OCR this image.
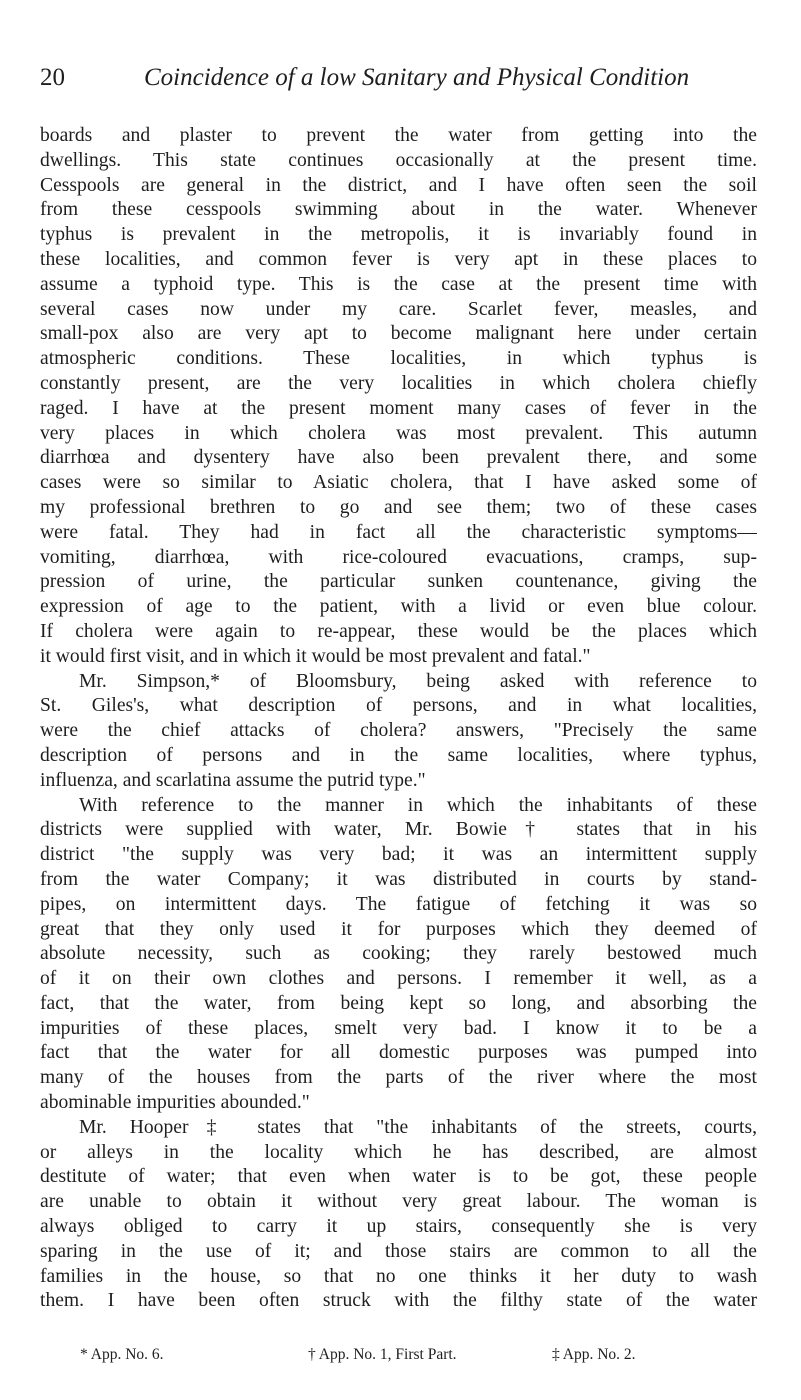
20	Coincidence of a low Sanitary and Physical Condition
boards and plaster to prevent the water from getting into the
dwellings. This state continues occasionally at the present time.
Cesspools are general in the district, and I have often seen the soil
from these cesspools swimming about in the water. Whenever
typhus is prevalent in the metropolis, it is invariably found in
these localities, and common fever is very apt in these places to
assume a typhoid type. This is the case at the present time with
several cases now under my care. Scarlet fever, measles, and
small-pox also are very apt to become malignant here under certain
atmospheric conditions. These localities, in which typhus is
constantly present, are the very localities in which cholera chiefly
raged. I have at the present moment many cases of fever in the
very places in which cholera was most prevalent. This autumn
diarrhœa and dysentery have also been prevalent there, and some
cases were so similar to Asiatic cholera, that I have asked some of
my professional brethren to go and see them; two of these cases
were fatal. They had in fact all the characteristic symptoms—
vomiting, diarrhœa, with rice-coloured evacuations, cramps, sup-
pression of urine, the particular sunken countenance, giving the
expression of age to the patient, with a livid or even blue colour.
If cholera were again to re-appear, these would be the places which
it would first visit, and in which it would be most prevalent and fatal."
Mr. Simpson,* of Bloomsbury, being asked with reference to
St. Giles's, what description of persons, and in what localities,
were the chief attacks of cholera? answers, "Precisely the same
description of persons and in the same localities, where typhus,
influenza, and scarlatina assume the putrid type."
With reference to the manner in which the inhabitants of these
districts were supplied with water, Mr. Bowie† states that in his
district "the supply was very bad; it was an intermittent supply
from the water Company; it was distributed in courts by stand-
pipes, on intermittent days. The fatigue of fetching it was so
great that they only used it for purposes which they deemed of
absolute necessity, such as cooking; they rarely bestowed much
of it on their own clothes and persons. I remember it well, as a
fact, that the water, from being kept so long, and absorbing the
impurities of these places, smelt very bad. I know it to be a
fact that the water for all domestic purposes was pumped into
many of the houses from the parts of the river where the most
abominable impurities abounded."
Mr. Hooper‡ states that "the inhabitants of the streets, courts,
or alleys in the locality which he has described, are almost
destitute of water; that even when water is to be got, these people
are unable to obtain it without very great labour. The woman is
always obliged to carry it up stairs, consequently she is very
sparing in the use of it; and those stairs are common to all the
families in the house, so that no one thinks it her duty to wash
them. I have been often struck with the filthy state of the water
* App. No. 6.	† App. No. 1, First Part.	‡ App. No. 2.
